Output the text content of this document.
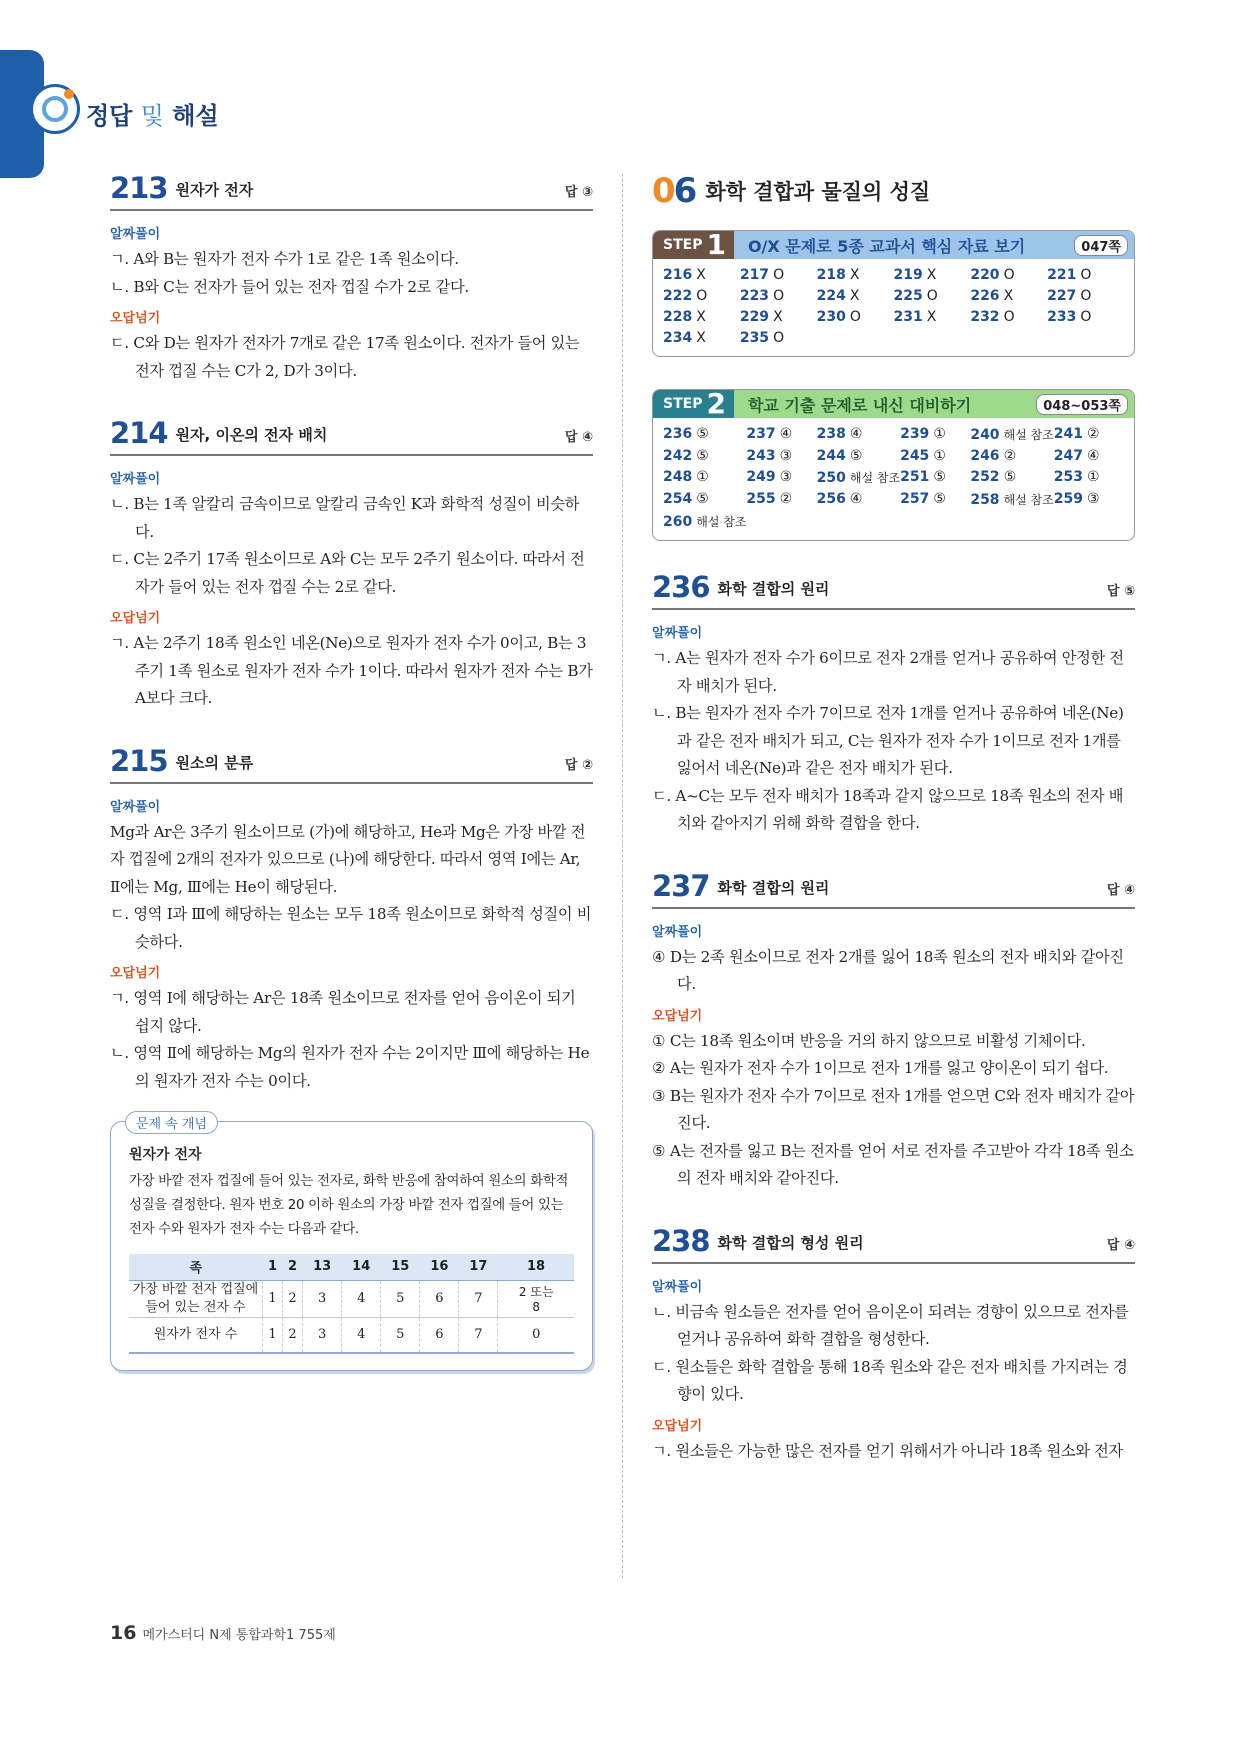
정답 및 해설
213 원자가 전자	답 ③
알짜풀이

ㄱ. A와 B는 원자가 전자 수가 1로 같은 1족 원소이다.

ㄴ. B와 C는 전자가 들어 있는 전자 껍질 수가 2로 같다.

오답넘기

ㄷ. C와 D는 원자가 전자가 7개로 같은 17족 원소이다. 전자가 들어 있는 전자 껍질 수는 C가 2, D가 3이다.

214 원자, 이온의 전자 배치	답 ④
알짜풀이

ㄴ. B는 1족 알칼리 금속이므로 알칼리 금속인 K과 화학적 성질이 비슷하다.

ㄷ. C는 2주기 17족 원소이므로 A와 C는 모두 2주기 원소이다. 따라서 전자가 들어 있는 전자 껍질 수는 2로 같다.

오답넘기

ㄱ. A는 2주기 18족 원소인 네온(Ne)으로 원자가 전자 수가 0이고, B는 3주기 1족 원소로 원자가 전자 수가 1이다. 따라서 원자가 전자 수는 B가 A보다 크다.

215 원소의 분류	답 ②
알짜풀이

Mg과 Ar은 3주기 원소이므로 (가)에 해당하고, He과 Mg은 가장 바깥 전자 껍질에 2개의 전자가 있으므로 (나)에 해당한다. 따라서 영역 Ⅰ에는 Ar, Ⅱ에는 Mg, Ⅲ에는 He이 해당된다.

ㄷ. 영역 Ⅰ과 Ⅲ에 해당하는 원소는 모두 18족 원소이므로 화학적 성질이 비슷하다.

오답넘기

ㄱ. 영역 Ⅰ에 해당하는 Ar은 18족 원소이므로 전자를 얻어 음이온이 되기 쉽지 않다.

ㄴ. 영역 Ⅱ에 해당하는 Mg의 원자가 전자 수는 2이지만 Ⅲ에 해당하는 He의 원자가 전자 수는 0이다.

문제 속 개념
원자가 전자

가장 바깥 전자 껍질에 들어 있는 전자로, 화학 반응에 참여하여 원소의 화학적 성질을 결정한다. 원자 번호 20 이하 원소의 가장 바깥 전자 껍질에 들어 있는 전자 수와 원자가 전자 수는 다음과 같다.

족	1	2	13	14	15	16	17	18
가장 바깥 전자 껍질에
들어 있는 전자 수	1	2	3	4	5	6	7	2 또는
8
원자가 전자 수	1	2	3	4	5	6	7	0
06 화학 결합과 물질의 성질
STEP 1 O/X 문제로 5종 교과서 핵심 자료 보기	047쪽
216 X	217 O	218 X	219 X	220 O	221 O
222 O	223 O	224 X	225 O	226 X	227 O
228 X	229 X	230 O	231 X	232 O	233 O
234 X	235 O
STEP 2 학교 기출 문제로 내신 대비하기	048~053쪽
236 ⑤	237 ④	238 ④	239 ①	240 해설 참조 241 ②
242 ⑤	243 ③	244 ⑤	245 ①	246 ②	247 ④
248 ①	249 ③	250 해설 참조 251 ⑤	252 ⑤	253 ①
254 ⑤	255 ②	256 ④	257 ⑤	258 해설 참조 259 ③
260 해설 참조
236 화학 결합의 원리	답 ⑤
알짜풀이

ㄱ. A는 원자가 전자 수가 6이므로 전자 2개를 얻거나 공유하여 안정한 전자 배치가 된다.

ㄴ. B는 원자가 전자 수가 7이므로 전자 1개를 얻거나 공유하여 네온(Ne)과 같은 전자 배치가 되고, C는 원자가 전자 수가 1이므로 전자 1개를 잃어서 네온(Ne)과 같은 전자 배치가 된다.

ㄷ. A~C는 모두 전자 배치가 18족과 같지 않으므로 18족 원소의 전자 배치와 같아지기 위해 화학 결합을 한다.

237 화학 결합의 원리	답 ④
알짜풀이

④ D는 2족 원소이므로 전자 2개를 잃어 18족 원소의 전자 배치와 같아진다.

오답넘기

① C는 18족 원소이며 반응을 거의 하지 않으므로 비활성 기체이다.

② A는 원자가 전자 수가 1이므로 전자 1개를 잃고 양이온이 되기 쉽다.

③ B는 원자가 전자 수가 7이므로 전자 1개를 얻으면 C와 전자 배치가 같아진다.

⑤ A는 전자를 잃고 B는 전자를 얻어 서로 전자를 주고받아 각각 18족 원소의 전자 배치와 같아진다.

238 화학 결합의 형성 원리	답 ④
알짜풀이

ㄴ. 비금속 원소들은 전자를 얻어 음이온이 되려는 경향이 있으므로 전자를 얻거나 공유하여 화학 결합을 형성한다.

ㄷ. 원소들은 화학 결합을 통해 18족 원소와 같은 전자 배치를 가지려는 경향이 있다.

오답넘기

ㄱ. 원소들은 가능한 많은 전자를 얻기 위해서가 아니라 18족 원소와 전자

16 메가스터디 N제 통합과학1 755제
